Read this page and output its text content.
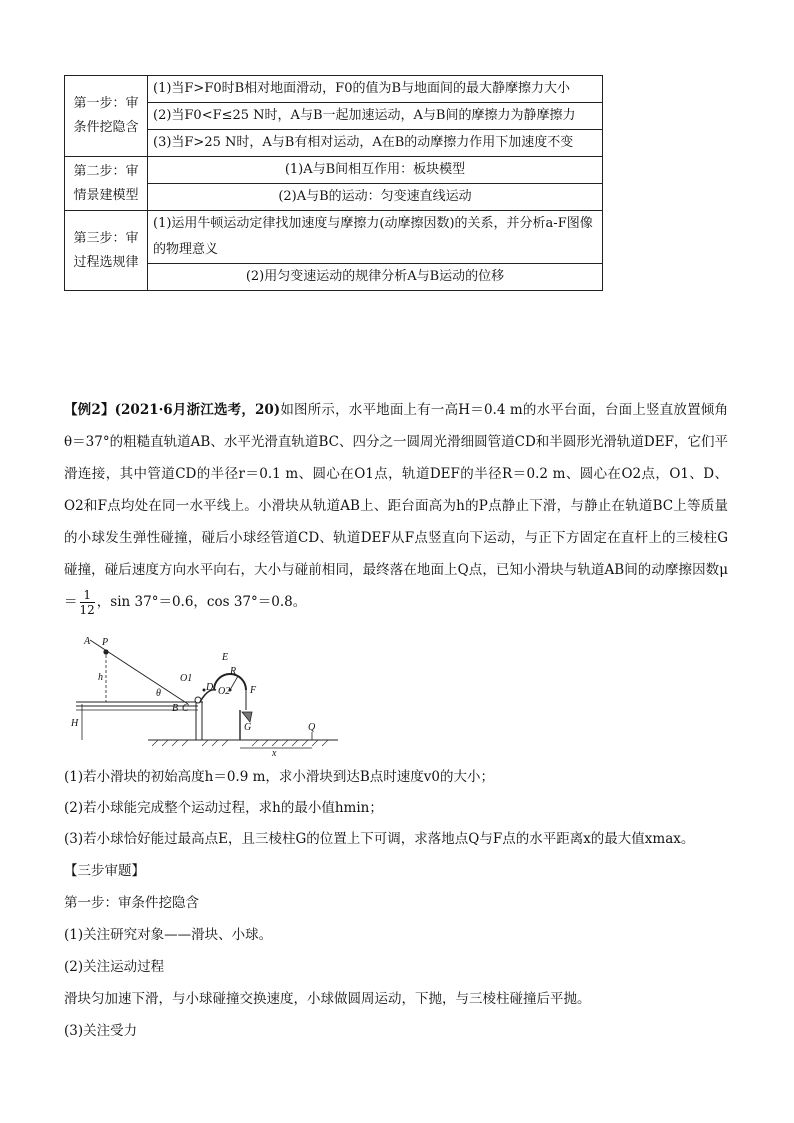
第一步：审条件挖隐含	(1)当F>F0时B相对地面滑动，F0的值为B与地面间的最大静摩擦力大小
	(2)当F0<F≤25 N时，A与B一起加速运动，A与B间的摩擦力为静摩擦力
	(3)当F>25 N时，A与B有相对运动，A在B的动摩擦力作用下加速度不变
第二步：审情景建模型	(1)A与B间相互作用：板块模型
	(2)A与B的运动：匀变速直线运动
第三步：审过程选规律	(1)运用牛顿运动定律找加速度与摩擦力(动摩擦因数)的关系，并分析a-F图像的物理意义
	(2)用匀变速运动的规律分析A与B运动的位移
【例2】(2021·6月浙江选考，20)如图所示，水平地面上有一高H＝0.4 m的水平台面，台面上竖直放置倾角θ＝37°的粗糙直轨道AB、水平光滑直轨道BC、四分之一圆周光滑细圆管道CD和半圆形光滑轨道DEF，它们平滑连接，其中管道CD的半径r＝0.1 m、圆心在O1点，轨道DEF的半径R＝0.2 m、圆心在O2点，O1、D、O2和F点均处在同一水平线上。小滑块从轨道AB上、距台面高为h的P点静止下滑，与静止在轨道BC上等质量的小球发生弹性碰撞，碰后小球经管道CD、轨道DEF从F点竖直向下运动，与正下方固定在直杆上的三棱柱G碰撞，碰后速度方向水平向右，大小与碰前相同，最终落在地面上Q点，已知小滑块与轨道AB间的动摩擦因数$\mu= \frac{1}{12}$ ，sin 37°＝0.6，cos 37°＝0.8。
A P
h
θ
B C
O1
D
E
R
O2 F
G
H	Q
x
(1)若小滑块的初始高度h＝0.9 m，求小滑块到达B点时速度v0的大小；
(2)若小球能完成整个运动过程，求h的最小值hmin；
(3)若小球恰好能过最高点E，且三棱柱G的位置上下可调，求落地点Q与F点的水平距离x的最大值xmax。
【三步审题】
第一步：审条件挖隐含
(1)关注研究对象——滑块、小球。
(2)关注运动过程
滑块匀加速下滑，与小球碰撞交换速度，小球做圆周运动，下抛，与三棱柱碰撞后平抛。
(3)关注受力
